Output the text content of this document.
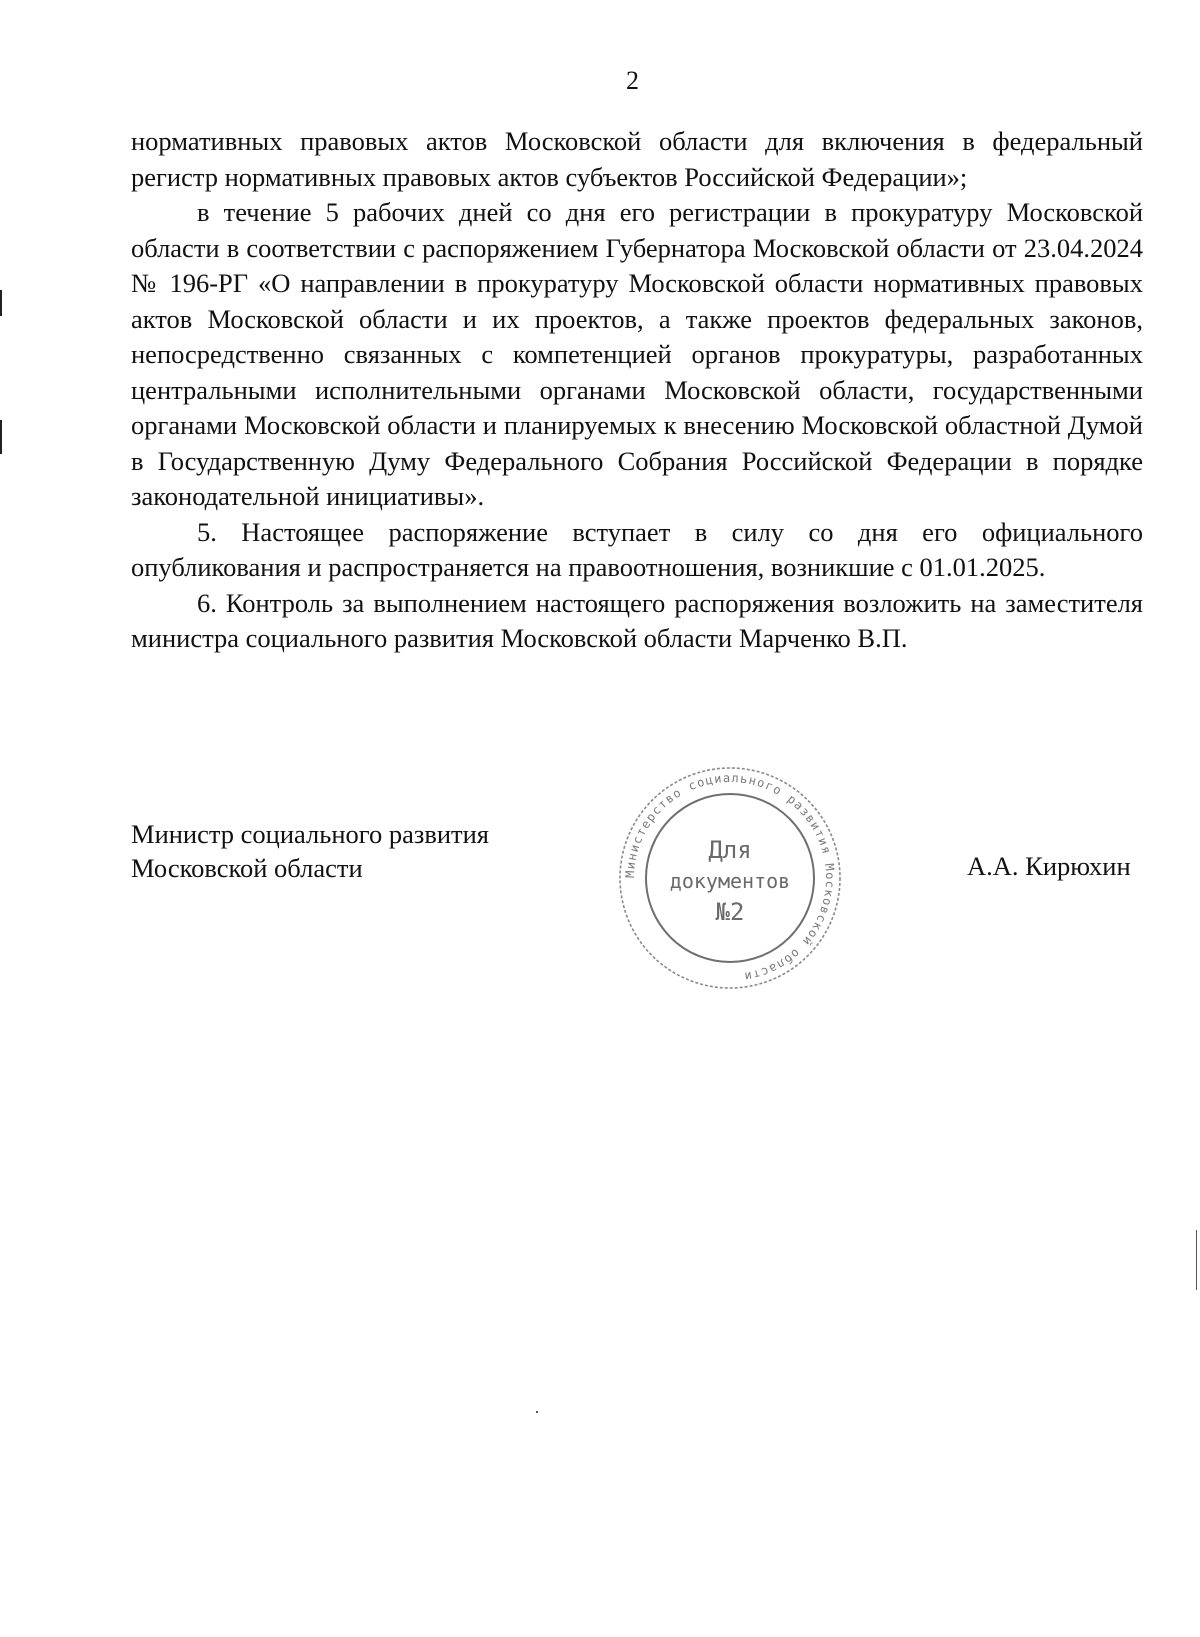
2

нормативных правовых актов Московской области для включения в федеральный регистр нормативных правовых актов субъектов Российской Федерации»;

в течение 5 рабочих дней со дня его регистрации в прокуратуру Московской области в соответствии с распоряжением Губернатора Московской области от 23.04.2024 № 196-РГ «О направлении в прокуратуру Московской области нормативных правовых актов Московской области и их проектов, а также проектов федеральных законов, непосредственно связанных с компетенцией органов прокуратуры, разработанных центральными исполнительными органами Московской области, государственными органами Московской области и планируемых к внесению Московской областной Думой в Государственную Думу Федерального Собрания Российской Федерации в порядке законодательной инициативы».

5. Настоящее распоряжение вступает в силу со дня его официального опубликования и распространяется на правоотношения, возникшие с 01.01.2025.

6. Контроль за выполнением настоящего распоряжения возложить на заместителя министра социального развития Московской области Марченко В.П.

Министр социального развития
Московской области	Министерство социального развития Московской области
Для
документов
№2
А.А. Кирюхин
